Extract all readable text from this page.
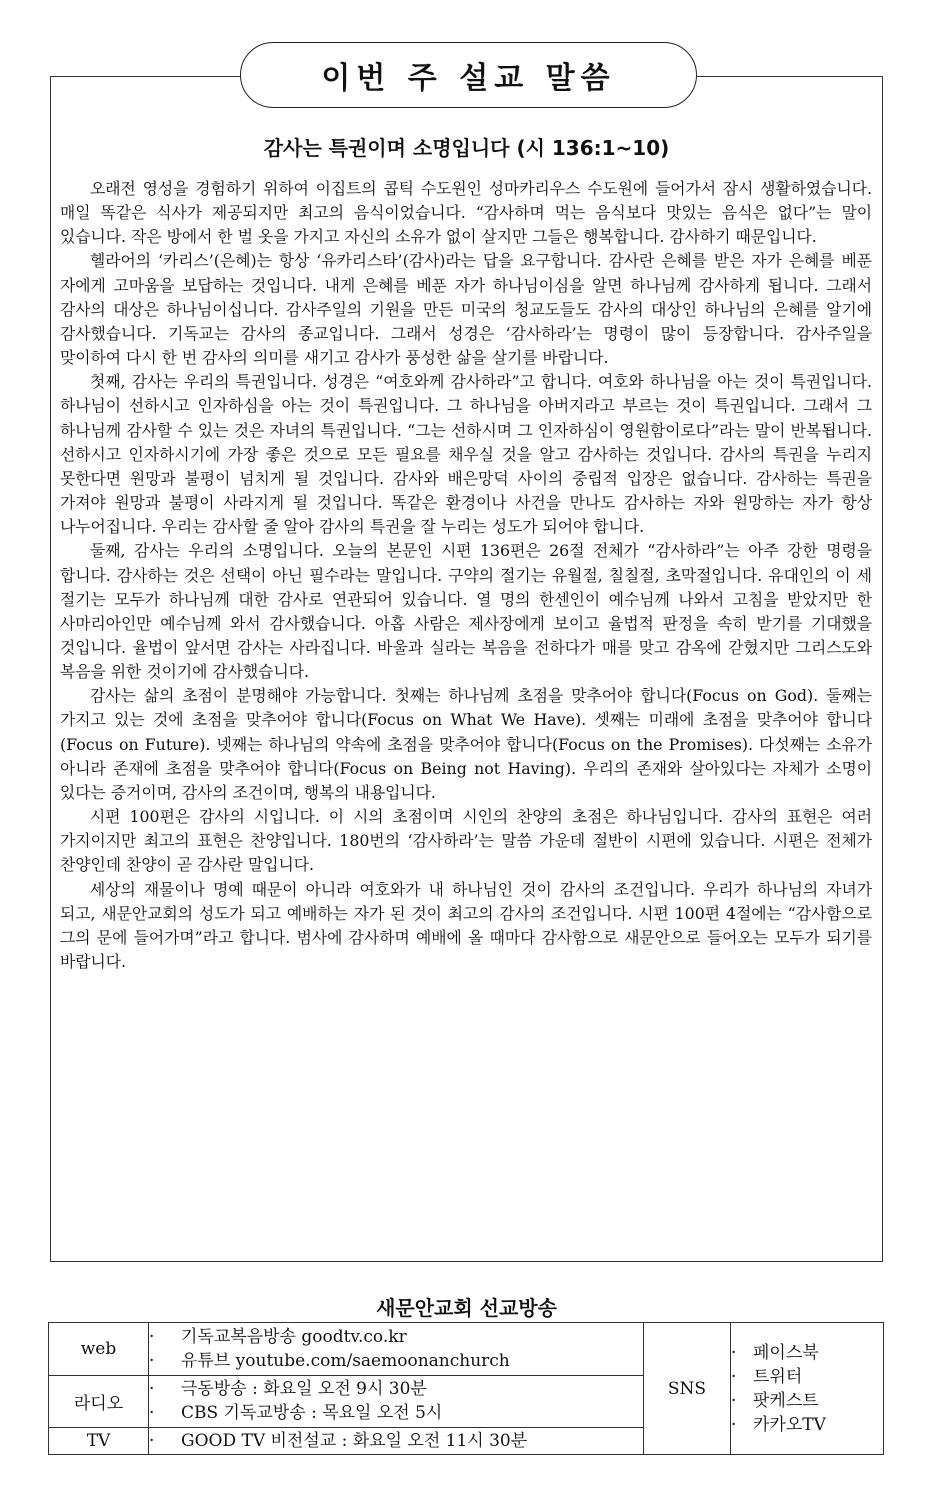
이번 주 설교 말씀
감사는 특권이며 소명입니다 (시 136:1~10)

오래전 영성을 경험하기 위하여 이집트의 콥틱 수도원인 성마카리우스 수도원에 들어가서 잠시 생활하였습니다. 매일 똑같은 식사가 제공되지만 최고의 음식이었습니다. “감사하며 먹는 음식보다 맛있는 음식은 없다”는 말이 있습니다. 작은 방에서 한 벌 옷을 가지고 자신의 소유가 없이 살지만 그들은 행복합니다. 감사하기 때문입니다.

헬라어의 ‘카리스’(은혜)는 항상 ‘유카리스타’(감사)라는 답을 요구합니다. 감사란 은혜를 받은 자가 은혜를 베푼 자에게 고마움을 보답하는 것입니다. 내게 은혜를 베푼 자가 하나님이심을 알면 하나님께 감사하게 됩니다. 그래서 감사의 대상은 하나님이십니다. 감사주일의 기원을 만든 미국의 청교도들도 감사의 대상인 하나님의 은혜를 알기에 감사했습니다. 기독교는 감사의 종교입니다. 그래서 성경은 ‘감사하라’는 명령이 많이 등장합니다. 감사주일을 맞이하여 다시 한 번 감사의 의미를 새기고 감사가 풍성한 삶을 살기를 바랍니다.

첫째, 감사는 우리의 특권입니다. 성경은 “여호와께 감사하라”고 합니다. 여호와 하나님을 아는 것이 특권입니다. 하나님이 선하시고 인자하심을 아는 것이 특권입니다. 그 하나님을 아버지라고 부르는 것이 특권입니다. 그래서 그 하나님께 감사할 수 있는 것은 자녀의 특권입니다. “그는 선하시며 그 인자하심이 영원함이로다”라는 말이 반복됩니다. 선하시고 인자하시기에 가장 좋은 것으로 모든 필요를 채우실 것을 알고 감사하는 것입니다. 감사의 특권을 누리지 못한다면 원망과 불평이 넘치게 될 것입니다. 감사와 배은망덕 사이의 중립적 입장은 없습니다. 감사하는 특권을 가져야 원망과 불평이 사라지게 될 것입니다. 똑같은 환경이나 사건을 만나도 감사하는 자와 원망하는 자가 항상 나누어집니다. 우리는 감사할 줄 알아 감사의 특권을 잘 누리는 성도가 되어야 합니다.

둘째, 감사는 우리의 소명입니다. 오늘의 본문인 시편 136편은 26절 전체가 “감사하라”는 아주 강한 명령을 합니다. 감사하는 것은 선택이 아닌 필수라는 말입니다. 구약의 절기는 유월절, 칠칠절, 초막절입니다. 유대인의 이 세 절기는 모두가 하나님께 대한 감사로 연관되어 있습니다. 열 명의 한센인이 예수님께 나와서 고침을 받았지만 한 사마리아인만 예수님께 와서 감사했습니다. 아홉 사람은 제사장에게 보이고 율법적 판정을 속히 받기를 기대했을 것입니다. 율법이 앞서면 감사는 사라집니다. 바울과 실라는 복음을 전하다가 매를 맞고 감옥에 갇혔지만 그리스도와 복음을 위한 것이기에 감사했습니다.

감사는 삶의 초점이 분명해야 가능합니다. 첫째는 하나님께 초점을 맞추어야 합니다(Focus on God). 둘째는 가지고 있는 것에 초점을 맞추어야 합니다(Focus on What We Have). 셋째는 미래에 초점을 맞추어야 합니다(Focus on Future). 넷째는 하나님의 약속에 초점을 맞추어야 합니다(Focus on the Promises). 다섯째는 소유가 아니라 존재에 초점을 맞추어야 합니다(Focus on Being not Having). 우리의 존재와 살아있다는 자체가 소명이 있다는 증거이며, 감사의 조건이며, 행복의 내용입니다.

시편 100편은 감사의 시입니다. 이 시의 초점이며 시인의 찬양의 초점은 하나님입니다. 감사의 표현은 여러 가지이지만 최고의 표현은 찬양입니다. 180번의 ‘감사하라’는 말씀 가운데 절반이 시편에 있습니다. 시편은 전체가 찬양인데 찬양이 곧 감사란 말입니다.

세상의 재물이나 명예 때문이 아니라 여호와가 내 하나님인 것이 감사의 조건입니다. 우리가 하나님의 자녀가 되고, 새문안교회의 성도가 되고 예배하는 자가 된 것이 최고의 감사의 조건입니다. 시편 100편 4절에는 “감사함으로 그의 문에 들어가며”라고 합니다. 범사에 감사하며 예배에 올 때마다 감사함으로 새문안으로 들어오는 모두가 되기를 바랍니다.

새문안교회 선교방송
web	· 기독교복음방송 goodtv.co.kr
· 유튜브 youtube.com/saemoonanchurch	SNS	· 페이스북
· 트위터
· 팟케스트
· 카카오TV

라디오	· 극동방송 : 화요일 오전 9시 30분
· CBS 기독교방송 : 목요일 오전 5시		

TV	· GOOD TV 비전설교 : 화요일 오전 11시 30분		
